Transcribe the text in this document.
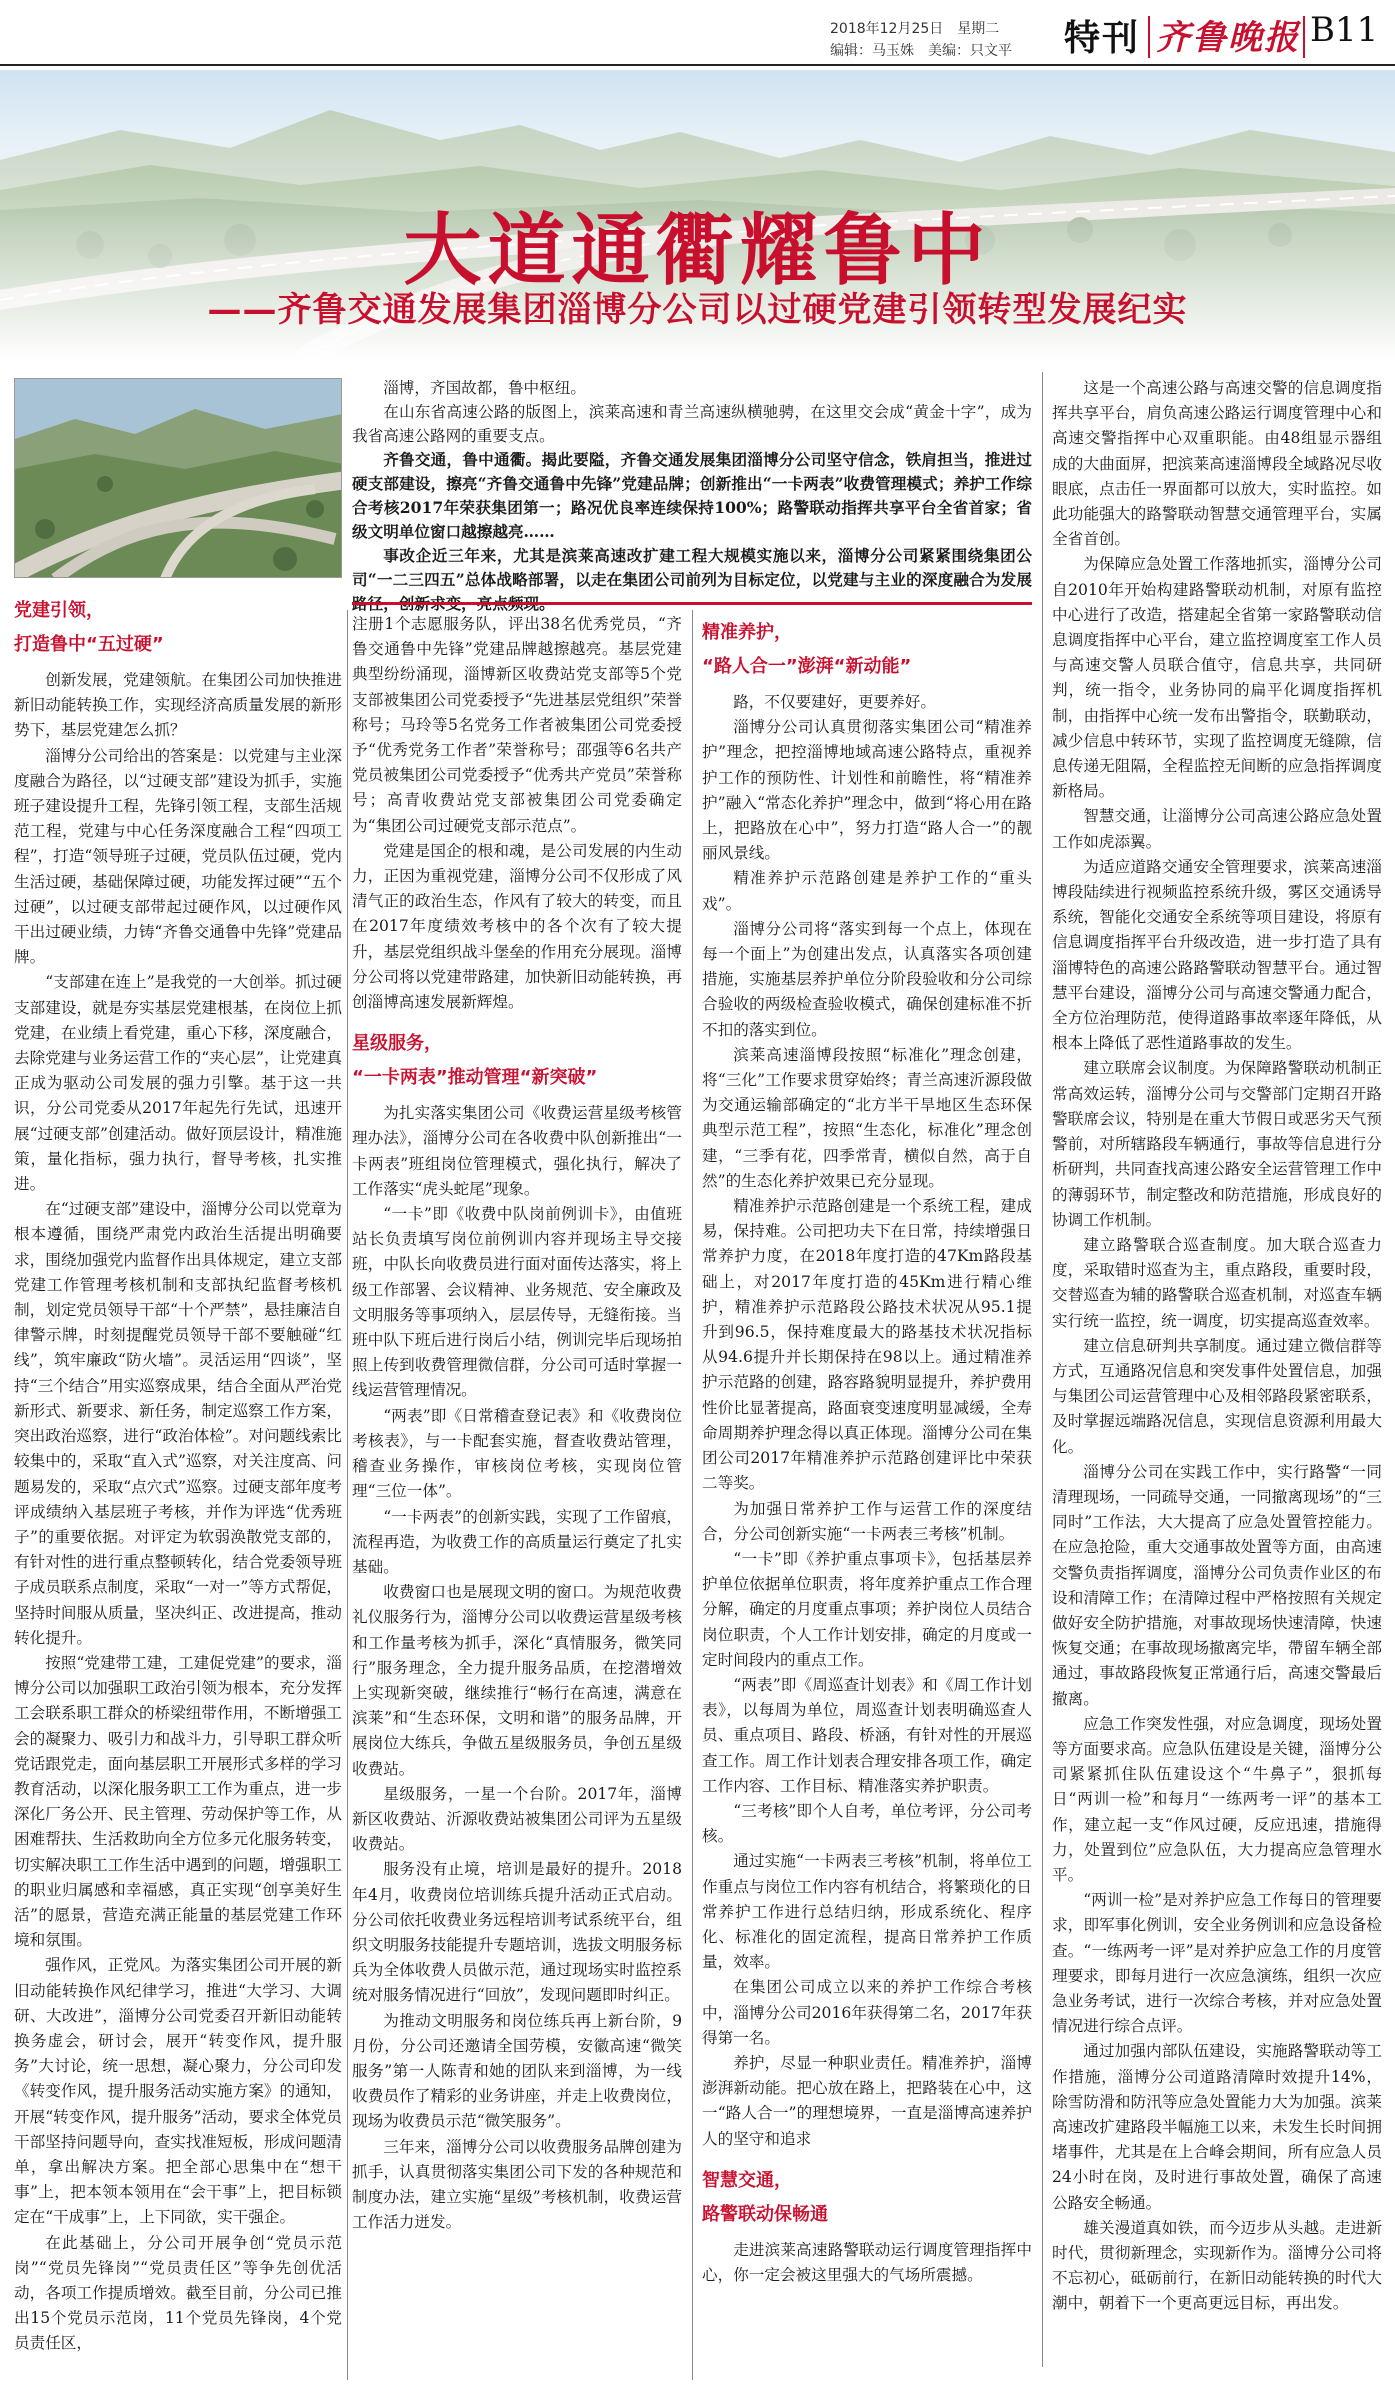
2018年12月25日　星期二
编辑：马玉姝　美编：只文平	特刊 齐鲁晚报 B11
大道通衢耀鲁中
——齐鲁交通发展集团淄博分公司以过硬党建引领转型发展纪实

淄博，齐国故都，鲁中枢纽。

在山东省高速公路的版图上，滨莱高速和青兰高速纵横驰骋，在这里交会成“黄金十字”，成为我省高速公路网的重要支点。

齐鲁交通，鲁中通衢。揭此要隘，齐鲁交通发展集团淄博分公司坚守信念，铁肩担当，推进过硬支部建设，擦亮“齐鲁交通鲁中先锋”党建品牌；创新推出“一卡两表”收费管理模式；养护工作综合考核2017年荣获集团第一；路况优良率连续保持100%；路警联动指挥共享平台全省首家；省级文明单位窗口越擦越亮……

事改企近三年来，尤其是滨莱高速改扩建工程大规模实施以来，淄博分公司紧紧围绕集团公司“一二三四五”总体战略部署，以走在集团公司前列为目标定位，以党建与主业的深度融合为发展

党建引领，
打造鲁中“五过硬”

创新发展，党建领航。在集团公司加快推进新旧动能转换工作，实现经济高质量发展的新形势下，基层党建怎么抓？

淄博分公司给出的答案是：以党建与主业深度融合为路径，以“过硬支部”建设为抓手，实施班子建设提升工程，先锋引领工程，支部生活规范工程，党建与中心任务深度融合工程“四项工程”，打造“领导班子过硬，党员队伍过硬，党内生活过硬，基础保障过硬，功能发挥过硬”“五个过硬”，以过硬支部带起过硬作风，以过硬作风干出过硬业绩，力铸“齐鲁交通鲁中先锋”党建品牌。

“支部建在连上”是我党的一大创举。抓过硬支部建设，就是夯实基层党建根基，在岗位上抓党建，在业绩上看党建，重心下移，深度融合，去除党建与业务运营工作的“夹心层”，让党建真正成为驱动公司发展的强力引擎。基于这一共识，分公司党委从2017年起先行先试，迅速开展“过硬支部”创建活动。做好顶层设计，精准施策，量化指标，强力执行，督导考核，扎实推进。

在“过硬支部”建设中，淄博分公司以党章为根本遵循，围绕严肃党内政治生活提出明确要求，围绕加强党内监督作出具体规定，建立支部党建工作管理考核机制和支部执纪监督考核机制，划定党员领导干部“十个严禁”，悬挂廉洁自律警示牌，时刻提醒党员领导干部不要触碰“红线”，筑牢廉政“防火墙”。灵活运用“四谈”，坚持“三个结合”用实巡察成果，结合全面从严治党新形式、新要求、新任务，制定巡察工作方案，突出政治巡察，进行“政治体检”。对问题线索比较集中的，采取“直入式”巡察，对关注度高、问题易发的，采取“点穴式”巡察。过硬支部年度考评成绩纳入基层班子考核，并作为评选“优秀班子”的重要依据。对评定为软弱涣散党支部的，有针对性的进行重点整顿转化，结合党委领导班子成员联系点制度，采取“一对一”等方式帮促，坚持时间服从质量，坚决纠正、改进提高，推动转化提升。

按照“党建带工建，工建促党建”的要求，淄博分公司以加强职工政治引领为根本，充分发挥工会联系职工群众的桥梁纽带作用，不断增强工会的凝聚力、吸引力和战斗力，引导职工群众听党话跟党走，面向基层职工开展形式多样的学习教育活动，以深化服务职工工作为重点，进一步深化厂务公开、民主管理、劳动保护等工作，从困难帮扶、生活救助向全方位多元化服务转变，切实解决职工工作生活中遇到的问题，增强职工的职业归属感和幸福感，真正实现“创享美好生活”的愿景，营造充满正能量的基层党建工作环境和氛围。

强作风，正党风。为落实集团公司开展的新旧动能转换作风纪律学习，推进“大学习、大调研、大改进”，淄博分公司党委召开新旧动能转换务虚会，研讨会，展开“转变作风，提升服务”大讨论，统一思想，凝心聚力，分公司印发《转变作风，提升服务活动实施方案》的通知，开展“转变作风，提升服务”活动，要求全体党员干部坚持问题导向，查实找准短板，形成问题清单，拿出解决方案。把全部心思集中在“想干事”上，把本领本领用在“会干事”上，把目标锁定在“干成事”上，上下同欲，实干强企。

在此基础上，分公司开展争创“党员示范岗”“党员先锋岗”“党员责任区”等争先创优活动，各项工作提质增效。截至目前，分公司已推出15个党员示范岗，11个党员先锋岗，4个党员责任区，

注册1个志愿服务队，评出38名优秀党员，“齐鲁交通鲁中先锋”党建品牌越擦越亮。基层党建典型纷纷涌现，淄博新区收费站党支部等5个党支部被集团公司党委授予“先进基层党组织”荣誉称号；马玲等5名党务工作者被集团公司党委授予“优秀党务工作者”荣誉称号；邵强等6名共产党员被集团公司党委授予“优秀共产党员”荣誉称号；高青收费站党支部被集团公司党委确定为“集团公司过硬党支部示范点”。

党建是国企的根和魂，是公司发展的内生动力，正因为重视党建，淄博分公司不仅形成了风清气正的政治生态，作风有了较大的转变，而且在2017年度绩效考核中的各个次有了较大提升，基层党组织战斗堡垒的作用充分展现。淄博分公司将以党建带路建，加快新旧动能转换，再创淄博高速发展新辉煌。

星级服务，
“一卡两表”推动管理“新突破”

为扎实落实集团公司《收费运营星级考核管理办法》，淄博分公司在各收费中队创新推出“一卡两表”班组岗位管理模式，强化执行，解决了工作落实“虎头蛇尾”现象。

“一卡”即《收费中队岗前例训卡》，由值班站长负责填写岗位前例训内容并现场主导交接班，中队长向收费员进行面对面传达落实，将上级工作部署、会议精神、业务规范、安全廉政及文明服务等事项纳入，层层传导，无缝衔接。当班中队下班后进行岗后小结，例训完毕后现场拍照上传到收费管理微信群，分公司可适时掌握一线运营管理情况。

“两表”即《日常稽查登记表》和《收费岗位考核表》，与一卡配套实施，督查收费站管理，稽查业务操作，审核岗位考核，实现岗位管理“三位一体”。

“一卡两表”的创新实践，实现了工作留痕，流程再造，为收费工作的高质量运行奠定了扎实基础。

收费窗口也是展现文明的窗口。为规范收费礼仪服务行为，淄博分公司以收费运营星级考核和工作量考核为抓手，深化“真情服务，微笑同行”服务理念，全力提升服务品质，在挖潜增效上实现新突破，继续推行“畅行在高速，满意在滨莱”和“生态环保，文明和谐”的服务品牌，开展岗位大练兵，争做五星级服务员，争创五星级收费站。

星级服务，一星一个台阶。2017年，淄博新区收费站、沂源收费站被集团公司评为五星级收费站。

服务没有止境，培训是最好的提升。2018年4月，收费岗位培训练兵提升活动正式启动。分公司依托收费业务远程培训考试系统平台，组织文明服务技能提升专题培训，选拔文明服务标兵为全体收费人员做示范，通过现场实时监控系统对服务情况进行“回放”，发现问题即时纠正。

为推动文明服务和岗位练兵再上新台阶，9月份，分公司还邀请全国劳模，安徽高速“微笑服务”第一人陈青和她的团队来到淄博，为一线收费员作了精彩的业务讲座，并走上收费岗位，现场为收费员示范“微笑服务”。

三年来，淄博分公司以收费服务品牌创建为抓手，认真贯彻落实集团公司下发的各种规范和制度办法，建立实施“星级”考核机制，收费运营工作活力迸发。

精准养护，
“路人合一”澎湃“新动能”

路，不仅要建好，更要养好。

淄博分公司认真贯彻落实集团公司“精准养护”理念，把控淄博地域高速公路特点，重视养护工作的预防性、计划性和前瞻性，将“精准养护”融入“常态化养护”理念中，做到“将心用在路上，把路放在心中”，努力打造“路人合一”的靓丽风景线。

精准养护示范路创建是养护工作的“重头戏”。

淄博分公司将“落实到每一个点上，体现在每一个面上”为创建出发点，认真落实各项创建措施，实施基层养护单位分阶段验收和分公司综合验收的两级检查验收模式，确保创建标准不折不扣的落实到位。

滨莱高速淄博段按照“标准化”理念创建，将“三化”工作要求贯穿始终；青兰高速沂源段做为交通运输部确定的“北方半干旱地区生态环保典型示范工程”，按照“生态化，标准化”理念创建，“三季有花，四季常青，横似自然，高于自然”的生态化养护效果已充分显现。

精准养护示范路创建是一个系统工程，建成易，保持难。公司把功夫下在日常，持续增强日常养护力度，在2018年度打造的47Km路段基础上，对2017年度打造的45Km进行精心维护，精准养护示范路段公路技术状况从95.1提升到96.5，保持难度最大的路基技术状况指标从94.6提升并长期保持在98以上。通过精准养护示范路的创建，路容路貌明显提升，养护费用性价比显著提高，路面衰变速度明显减缓，全寿命周期养护理念得以真正体现。淄博分公司在集团公司2017年精准养护示范路创建评比中荣获二等奖。

为加强日常养护工作与运营工作的深度结合，分公司创新实施“一卡两表三考核”机制。

“一卡”即《养护重点事项卡》，包括基层养护单位依据单位职责，将年度养护重点工作合理分解，确定的月度重点事项；养护岗位人员结合岗位职责，个人工作计划安排，确定的月度或一定时间段内的重点工作。

“两表”即《周巡查计划表》和《周工作计划表》，以每周为单位，周巡查计划表明确巡查人员、重点项目、路段、桥涵，有针对性的开展巡查工作。周工作计划表合理安排各项工作，确定工作内容、工作目标、精准落实养护职责。

“三考核”即个人自考，单位考评，分公司考核。

通过实施“一卡两表三考核”机制，将单位工作重点与岗位工作内容有机结合，将繁琐化的日常养护工作进行总结归纳，形成系统化、程序化、标准化的固定流程，提高日常养护工作质量，效率。

在集团公司成立以来的养护工作综合考核中，淄博分公司2016年获得第二名，2017年获得第一名。

养护，尽显一种职业责任。精准养护，淄博澎湃新动能。把心放在路上，把路装在心中，这一“路人合一”的理想境界，一直是淄博高速养护人的坚守和追求

智慧交通，
路警联动保畅通

走进滨莱高速路警联动运行调度管理指挥中心，你一定会被这里强大的气场所震撼。

这是一个高速公路与高速交警的信息调度指挥共享平台，肩负高速公路运行调度管理中心和高速交警指挥中心双重职能。由48组显示器组成的大曲面屏，把滨莱高速淄博段全域路况尽收眼底，点击任一界面都可以放大，实时监控。如此功能强大的路警联动智慧交通管理平台，实属全省首创。

为保障应急处置工作落地抓实，淄博分公司自2010年开始构建路警联动机制，对原有监控中心进行了改造，搭建起全省第一家路警联动信息调度指挥中心平台，建立监控调度室工作人员与高速交警人员联合值守，信息共享，共同研判，统一指令，业务协同的扁平化调度指挥机制，由指挥中心统一发布出警指令，联勤联动，减少信息中转环节，实现了监控调度无缝隙，信息传递无阻隔，全程监控无间断的应急指挥调度新格局。

智慧交通，让淄博分公司高速公路应急处置工作如虎添翼。

为适应道路交通安全管理要求，滨莱高速淄博段陆续进行视频监控系统升级，雾区交通诱导系统，智能化交通安全系统等项目建设，将原有信息调度指挥平台升级改造，进一步打造了具有淄博特色的高速公路路警联动智慧平台。通过智慧平台建设，淄博分公司与高速交警通力配合，全方位治理防范，使得道路事故率逐年降低，从根本上降低了恶性道路事故的发生。

建立联席会议制度。为保障路警联动机制正常高效运转，淄博分公司与交警部门定期召开路警联席会议，特别是在重大节假日或恶劣天气预警前，对所辖路段车辆通行，事故等信息进行分析研判，共同查找高速公路安全运营管理工作中的薄弱环节，制定整改和防范措施，形成良好的协调工作机制。

建立路警联合巡查制度。加大联合巡查力度，采取错时巡查为主，重点路段，重要时段，交替巡查为辅的路警联合巡查机制，对巡查车辆实行统一监控，统一调度，切实提高巡查效率。

建立信息研判共享制度。通过建立微信群等方式，互通路况信息和突发事件处置信息，加强与集团公司运营管理中心及相邻路段紧密联系，及时掌握远端路况信息，实现信息资源利用最大化。

淄博分公司在实践工作中，实行路警“一同清理现场，一同疏导交通，一同撤离现场”的“三同时”工作法，大大提高了应急处置管控能力。在应急抢险，重大交通事故处置等方面，由高速交警负责指挥调度，淄博分公司负责作业区的布设和清障工作；在清障过程中严格按照有关规定做好安全防护措施，对事故现场快速清障，快速恢复交通；在事故现场撤离完毕，帶留车辆全部通过，事故路段恢复正常通行后，高速交警最后撤离。

应急工作突发性强，对应急调度，现场处置等方面要求高。应急队伍建设是关键，淄博分公司紧紧抓住队伍建设这个“牛鼻子”，狠抓每日“两训一检”和每月“一练两考一评”的基本工作，建立起一支“作风过硬，反应迅速，措施得力，处置到位”应急队伍，大力提高应急管理水平。

“两训一检”是对养护应急工作每日的管理要求，即军事化例训，安全业务例训和应急设备检查。“一练两考一评”是对养护应急工作的月度管理要求，即每月进行一次应急演练，组织一次应急业务考试，进行一次综合考核，并对应急处置情况进行综合点评。

通过加强内部队伍建设，实施路警联动等工作措施，淄博分公司道路清障时效提升14%，除雪防滑和防汛等应急处置能力大为加强。滨莱高速改扩建路段半幅施工以来，未发生长时间拥堵事件，尤其是在上合峰会期间，所有应急人员24小时在岗，及时进行事故处置，确保了高速公路安全畅通。

雄关漫道真如铁，而今迈步从头越。走进新时代，贯彻新理念，实现新作为。淄博分公司将不忘初心，砥砺前行，在新旧动能转换的时代大潮中，朝着下一个更高更远目标，再出发。
